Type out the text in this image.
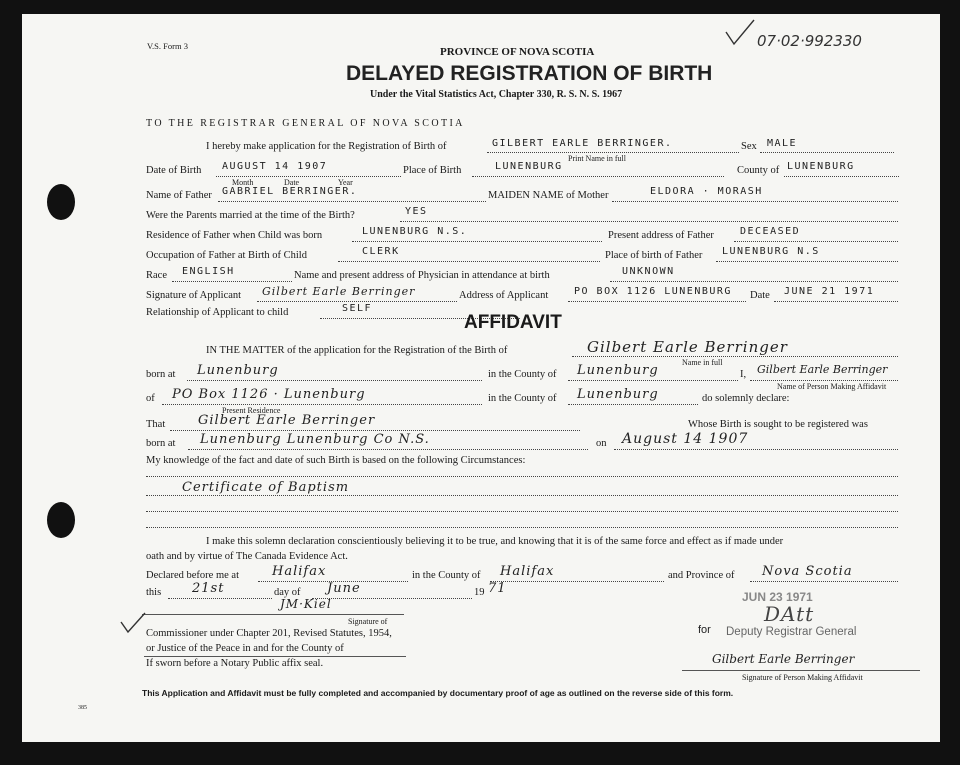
V.S. Form 3	07·02·992330
PROVINCE OF NOVA SCOTIA
DELAYED REGISTRATION OF BIRTH
Under the Vital Statistics Act, Chapter 330, R. S. N. S. 1967
TO THE REGISTRAR GENERAL OF NOVA SCOTIA
I hereby make application for the Registration of Birth of	GILBERT EARLE BERRINGER.
Print Name in full
Sex MALE
Date of Birth AUGUST 14 1907
Month	Date	Year
Place of Birth	LUNENBURG	County of LUNENBURG
Name of Father GABRIEL BERRINGER.	MAIDEN NAME of Mother	ELDORA · MORASH
Were the Parents married at the time of the Birth?	YES
Residence of Father when Child was born	LUNENBURG N.S.	Present address of Father	DECEASED
Occupation of Father at Birth of Child	CLERK	Place of birth of Father LUNENBURG N.S
Race ENGLISH	Name and present address of Physician in attendance at birth	UNKNOWN
Signature of Applicant Gilbert Earle Berringer	Address of Applicant	PO BOX 1126 LUNENBURG Date JUNE 21 1971
Relationship of Applicant to child	SELF
AFFIDAVIT
IN THE MATTER of the application for the Registration of the Birth of	Gilbert Earle Berringer
Name in full
born at Lunenburg	in the County of Lunenburg	I, Gilbert Earle Berringer
Name of Person Making Affidavit
of PO Box 1126 · Lunenburg
Present Residence
in the County of Lunenburg	do solemnly declare:
That	Gilbert Earle Berringer	Whose Birth is sought to be registered was
born at Lunenburg Lunenburg Co N.S.	on August 14 1907
My knowledge of the fact and date of such Birth is based on the following Circumstances:
Certificate of Baptism
I make this solemn declaration conscientiously believing it to be true, and knowing that it is of the same force and effect as if made under
oath and by virtue of The Canada Evidence Act.
Declared before me at	Halifax	in the County of Halifax	and Province of Nova Scotia
this 21st	day of June	19 71
JM·Kiel
Signature of
Commissioner under Chapter 201, Revised Statutes, 1954,
or Justice of the Peace in and for the County of
If sworn before a Notary Public affix seal.
JUN 23 1971
DAtt
for Deputy Registrar General
Gilbert Earle Berringer
Signature of Person Making Affidavit
This Application and Affidavit must be fully completed and accompanied by documentary proof of age as outlined on the reverse side of this form.
385
